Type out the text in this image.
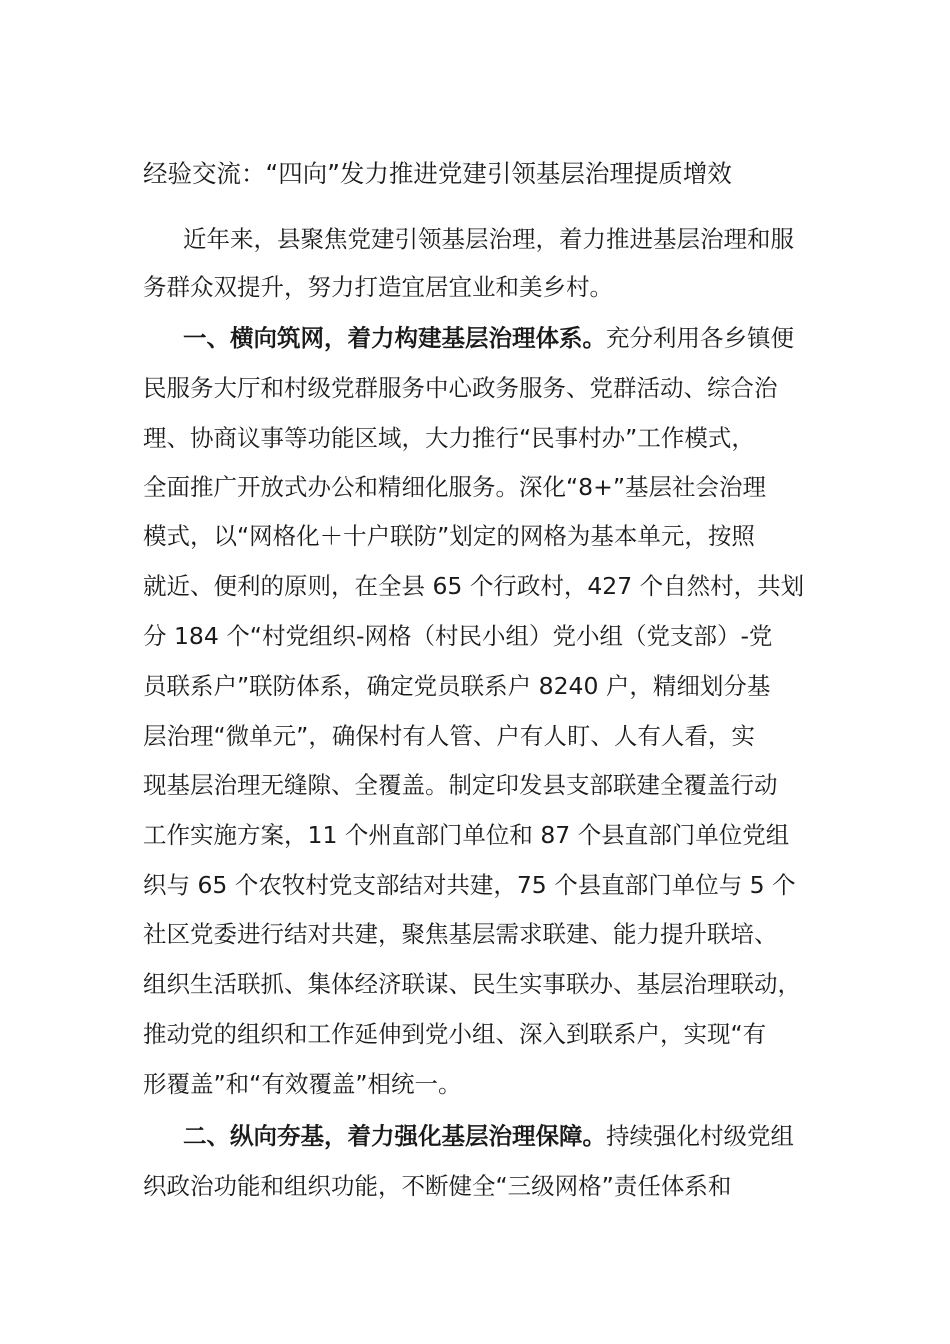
经验交流：“四向”发力推进党建引领基层治理提质增效
近年来，县聚焦党建引领基层治理，着力推进基层治理和服
务群众双提升，努力打造宜居宜业和美乡村。
一、横向筑网，着力构建基层治理体系。充分利用各乡镇便
民服务大厅和村级党群服务中心政务服务、党群活动、综合治
理、协商议事等功能区域，大力推行“民事村办”工作模式，
全面推广开放式办公和精细化服务。深化“8+”基层社会治理
模式，以“网格化＋十户联防”划定的网格为基本单元，按照
就近、便利的原则，在全县 65 个行政村，427 个自然村，共划
分 184 个“村党组织-网格（村民小组）党小组（党支部）-党
员联系户”联防体系，确定党员联系户 8240 户，精细划分基
层治理“微单元”，确保村有人管、户有人盯、人有人看，实
现基层治理无缝隙、全覆盖。制定印发县支部联建全覆盖行动
工作实施方案，11 个州直部门单位和 87 个县直部门单位党组
织与 65 个农牧村党支部结对共建，75 个县直部门单位与 5 个
社区党委进行结对共建，聚焦基层需求联建、能力提升联培、
组织生活联抓、集体经济联谋、民生实事联办、基层治理联动，
推动党的组织和工作延伸到党小组、深入到联系户，实现“有
形覆盖”和“有效覆盖”相统一。
二、纵向夯基，着力强化基层治理保障。持续强化村级党组
织政治功能和组织功能，不断健全“三级网格”责任体系和
